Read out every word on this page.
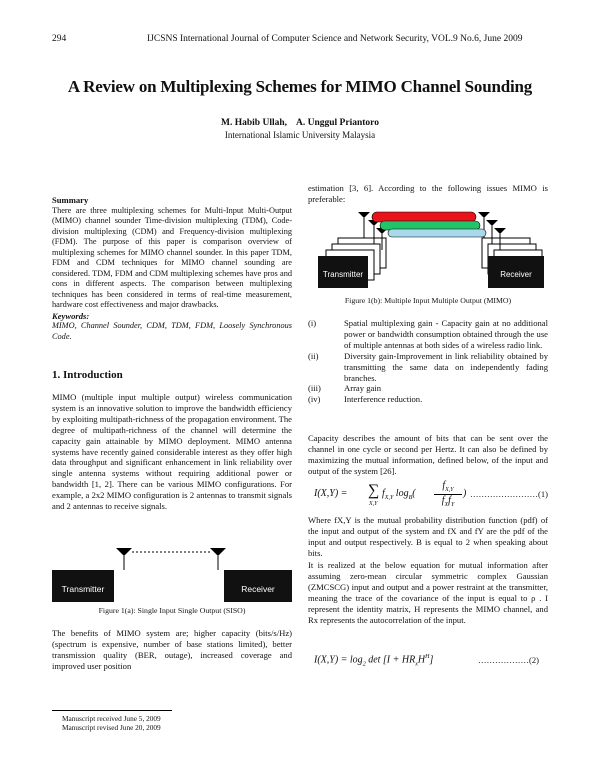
294	IJCSNS International Journal of Computer Science and Network Security, VOL.9 No.6, June 2009
A Review on Multiplexing Schemes for MIMO Channel Sounding
M. Habib Ullah,    A. Unggul Priantoro
International Islamic University Malaysia
Summary

There are three multiplexing schemes for Multi-Input Multi-Output (MIMO) channel sounder Time-division multiplexing (TDM), Code-division multiplexing (CDM) and Frequency-division multiplexing (FDM). The purpose of this paper is comparison overview of multiplexing schemes for MIMO channel sounder. In this paper TDM, FDM and CDM techniques for MIMO channel sounding are considered. TDM, FDM and CDM multiplexing schemes have pros and cons in different aspects. The comparison between multiplexing techniques has been considered in terms of real-time measurement, hardware cost effectiveness and major drawbacks.

Keywords:

MIMO, Channel Sounder, CDM, TDM, FDM, Loosely Synchronous Code.

1. Introduction
MIMO (multiple input multiple output) wireless communication system is an innovative solution to improve the bandwidth efficiency by exploiting multipath-richness of the propagation environment. The degree of multipath-richness of the channel will determine the capacity gain attainable by MIMO deployment. MIMO antenna systems have recently gained considerable interest as they offer high data throughput and significant enhancement in link reliability over single antenna systems without requiring additional power or bandwidth [1, 2]. There can be various MIMO configurations. For example, a 2x2 MIMO configuration is 2 antennas to transmit signals and 2 antennas to receive signals.
Transmitter	Receiver
Figure 1(a): Single Input Single Output (SISO)
The benefits of MIMO system are; higher capacity (bits/s/Hz) (spectrum is expensive, number of base stations limited), better transmission quality (BER, outage), increased coverage and improved user position
Manuscript received June 5, 2009
Manuscript revised June 20, 2009
estimation [3, 6]. According to the following issues MIMO is preferable:
Transmitter	Receiver
Figure 1(b): Multiple Input Multiple Output (MIMO)
(i)	Spatial multiplexing gain - Capacity gain at no additional power or bandwidth consumption obtained through the use of multiple antennas at both sides of a wireless radio link.
(ii)	Diversity gain-Improvement in link reliability obtained by transmitting the same data on independently fading branches.
(iii)	Array gain
(iv)	Interference reduction.
Capacity describes the amount of bits that can be sent over the channel in one cycle or second per Hertz. It can also be defined by maximizing the mutual information, defined below, of the input and output of the system [26].
I(X,Y) = ∑
X,Y
$f_{X,Y}$ $\log_B$(
$f_{X,Y}$
$f_Xf_Y$
) ……………………(1)
Where fX,Y is the mutual probability distribution function (pdf) of the input and output of the system and fX and fY are the pdf of the input and output respectively. B is equal to 2 when speaking about bits.
It is realized at the below equation for mutual information after assuming zero-mean circular symmetric complex Gaussian (ZMCSCG) input and output and a power restraint at the transmitter, meaning the trace of the covariance of the input is equal to ρ . I represent the identity matrix, H represents the MIMO channel, and Rx represents the autocorrelation of the input.
$I(X,Y) = \log_2 \det [I + HR_xH^H]$	………………(2)
